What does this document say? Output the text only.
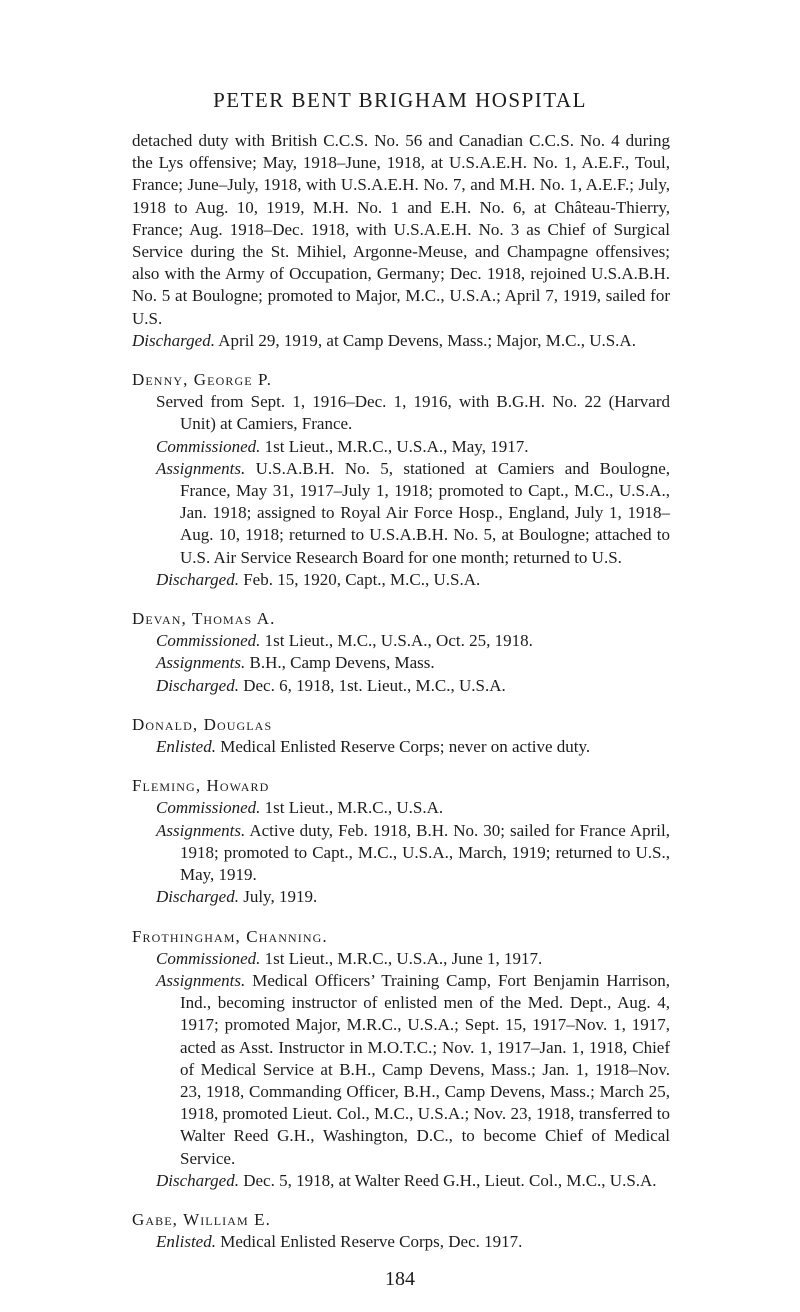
PETER BENT BRIGHAM HOSPITAL

detached duty with British C.C.S. No. 56 and Canadian C.C.S. No. 4 during the Lys offensive; May, 1918–June, 1918, at U.S.A.E.H. No. 1, A.E.F., Toul, France; June–July, 1918, with U.S.A.E.H. No. 7, and M.H. No. 1, A.E.F.; July, 1918 to Aug. 10, 1919, M.H. No. 1 and E.H. No. 6, at Château-Thierry, France; Aug. 1918–Dec. 1918, with U.S.A.E.H. No. 3 as Chief of Surgical Service during the St. Mihiel, Argonne-Meuse, and Champagne offensives; also with the Army of Occupation, Germany; Dec. 1918, rejoined U.S.A.B.H. No. 5 at Boulogne; promoted to Major, M.C., U.S.A.; April 7, 1919, sailed for U.S.

Discharged. April 29, 1919, at Camp Devens, Mass.; Major, M.C., U.S.A.

Denny, George P.

Served from Sept. 1, 1916–Dec. 1, 1916, with B.G.H. No. 22 (Harvard Unit) at Camiers, France.

Commissioned. 1st Lieut., M.R.C., U.S.A., May, 1917.

Assignments. U.S.A.B.H. No. 5, stationed at Camiers and Boulogne, France, May 31, 1917–July 1, 1918; promoted to Capt., M.C., U.S.A., Jan. 1918; assigned to Royal Air Force Hosp., England, July 1, 1918–Aug. 10, 1918; returned to U.S.A.B.H. No. 5, at Boulogne; attached to U.S. Air Service Research Board for one month; returned to U.S.

Discharged. Feb. 15, 1920, Capt., M.C., U.S.A.

Devan, Thomas A.

Commissioned. 1st Lieut., M.C., U.S.A., Oct. 25, 1918.

Assignments. B.H., Camp Devens, Mass.

Discharged. Dec. 6, 1918, 1st. Lieut., M.C., U.S.A.

Donald, Douglas

Enlisted. Medical Enlisted Reserve Corps; never on active duty.

Fleming, Howard

Commissioned. 1st Lieut., M.R.C., U.S.A.

Assignments. Active duty, Feb. 1918, B.H. No. 30; sailed for France April, 1918; promoted to Capt., M.C., U.S.A., March, 1919; returned to U.S., May, 1919.

Discharged. July, 1919.

Frothingham, Channing.

Commissioned. 1st Lieut., M.R.C., U.S.A., June 1, 1917.

Assignments. Medical Officers’ Training Camp, Fort Benjamin Harrison, Ind., becoming instructor of enlisted men of the Med. Dept., Aug. 4, 1917; promoted Major, M.R.C., U.S.A.; Sept. 15, 1917–Nov. 1, 1917, acted as Asst. Instructor in M.O.T.C.; Nov. 1, 1917–Jan. 1, 1918, Chief of Medical Service at B.H., Camp Devens, Mass.; Jan. 1, 1918–Nov. 23, 1918, Commanding Officer, B.H., Camp Devens, Mass.; March 25, 1918, promoted Lieut. Col., M.C., U.S.A.; Nov. 23, 1918, transferred to Walter Reed G.H., Washington, D.C., to become Chief of Medical Service.

Discharged. Dec. 5, 1918, at Walter Reed G.H., Lieut. Col., M.C., U.S.A.

Gabe, William E.

Enlisted. Medical Enlisted Reserve Corps, Dec. 1917.

184
